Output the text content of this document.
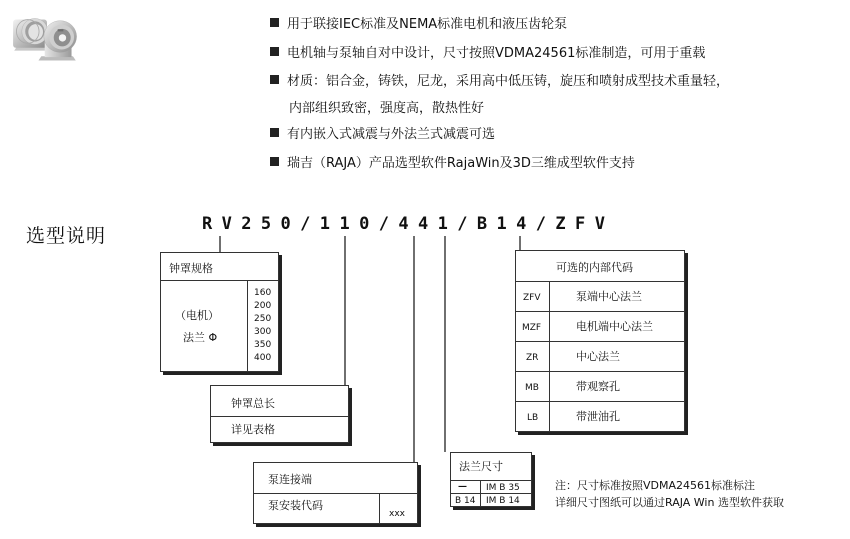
用于联接IEC标准及NEMA标准电机和液压齿轮泵
电机轴与泵轴自对中设计，尺寸按照VDMA24561标准制造，可用于重载
材质：铝合金，铸铁，尼龙，采用高中低压铸，旋压和喷射成型技术重量轻，
内部组织致密，强度高，散热性好
有内嵌入式减震与外法兰式减震可选
瑞吉（RAJA）产品选型软件RajaWin及3D三维成型软件支持
选型说明
RV250/110/441/B14/ZFV
钟罩规格
（电机）
法兰 Φ
160
200
250
300
350
400
钟罩总长
详见表格
泵连接端
泵安装代码
xxx
法兰尺寸
— IM B 35
B 14 IM B 14
可选的内部代码
ZFV	泵端中心法兰
MZF	电机端中心法兰
ZR	中心法兰
MB	带观察孔
LB	带泄油孔
注：尺寸标准按照VDMA24561标准标注
详细尺寸图纸可以通过RAJA Win 选型软件获取
